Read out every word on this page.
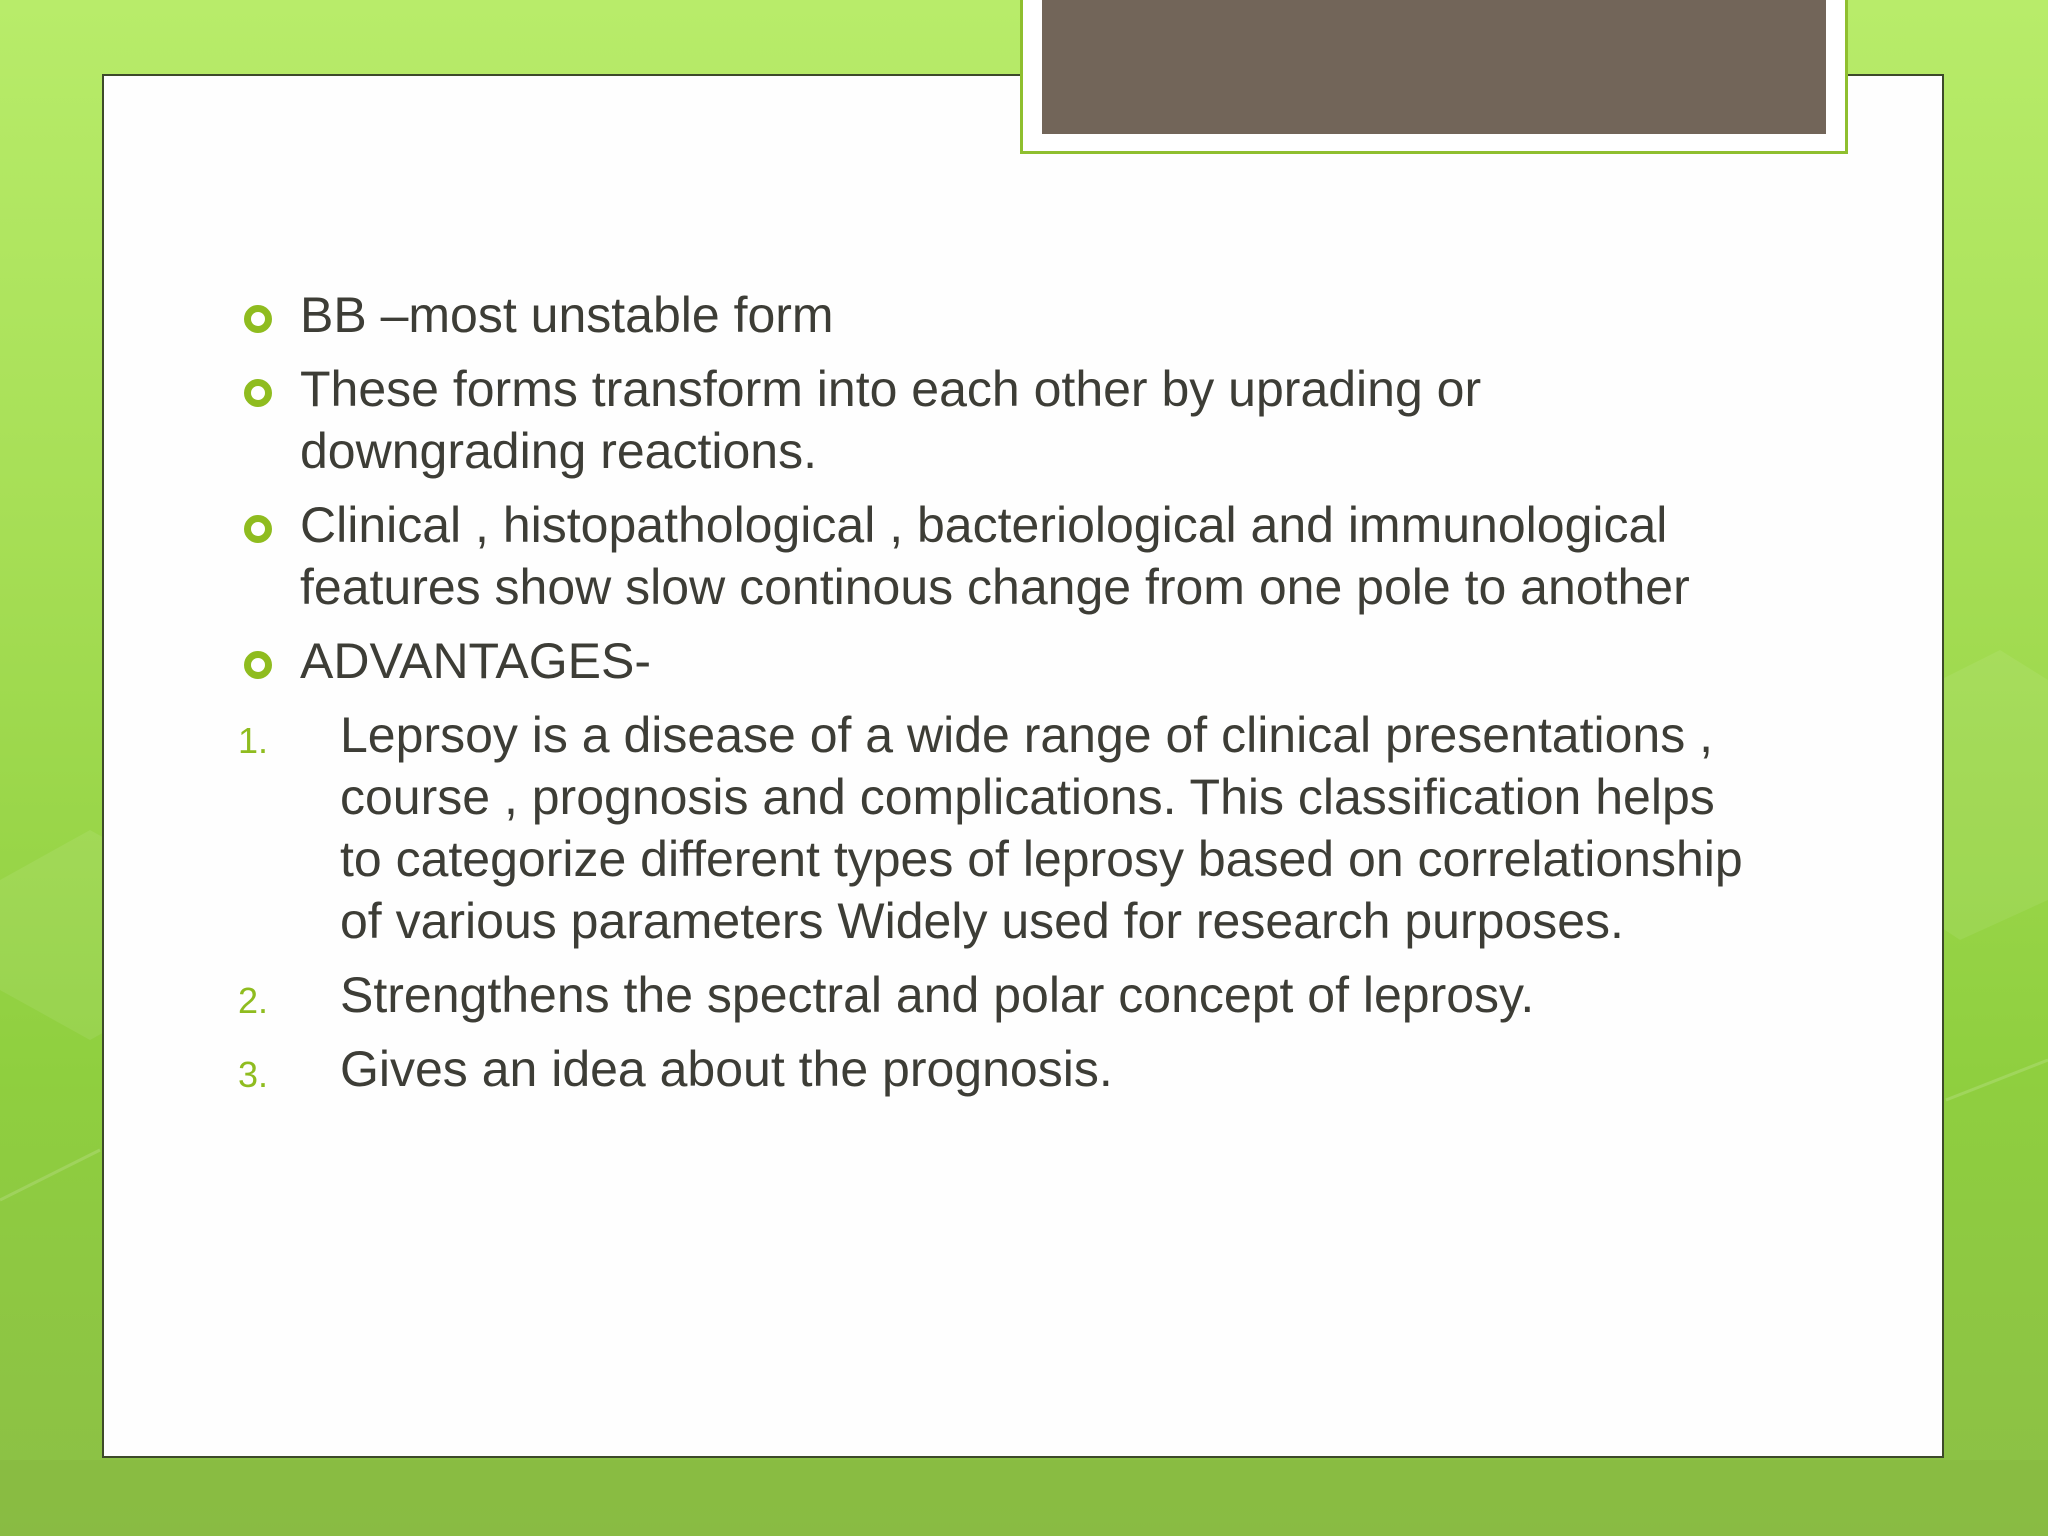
BB –most unstable form
These forms transform into each other by uprading or downgrading reactions.
Clinical , histopathological , bacteriological and immunological features show slow continous change from one pole to another
ADVANTAGES-
1. Leprsoy is a disease of a wide range of clinical presentations , course , prognosis and complications. This classification helps to categorize different types of leprosy based on correlationship of various parameters Widely used for research purposes.
2. Strengthens the spectral and polar concept of leprosy.
3. Gives an idea about the prognosis.
